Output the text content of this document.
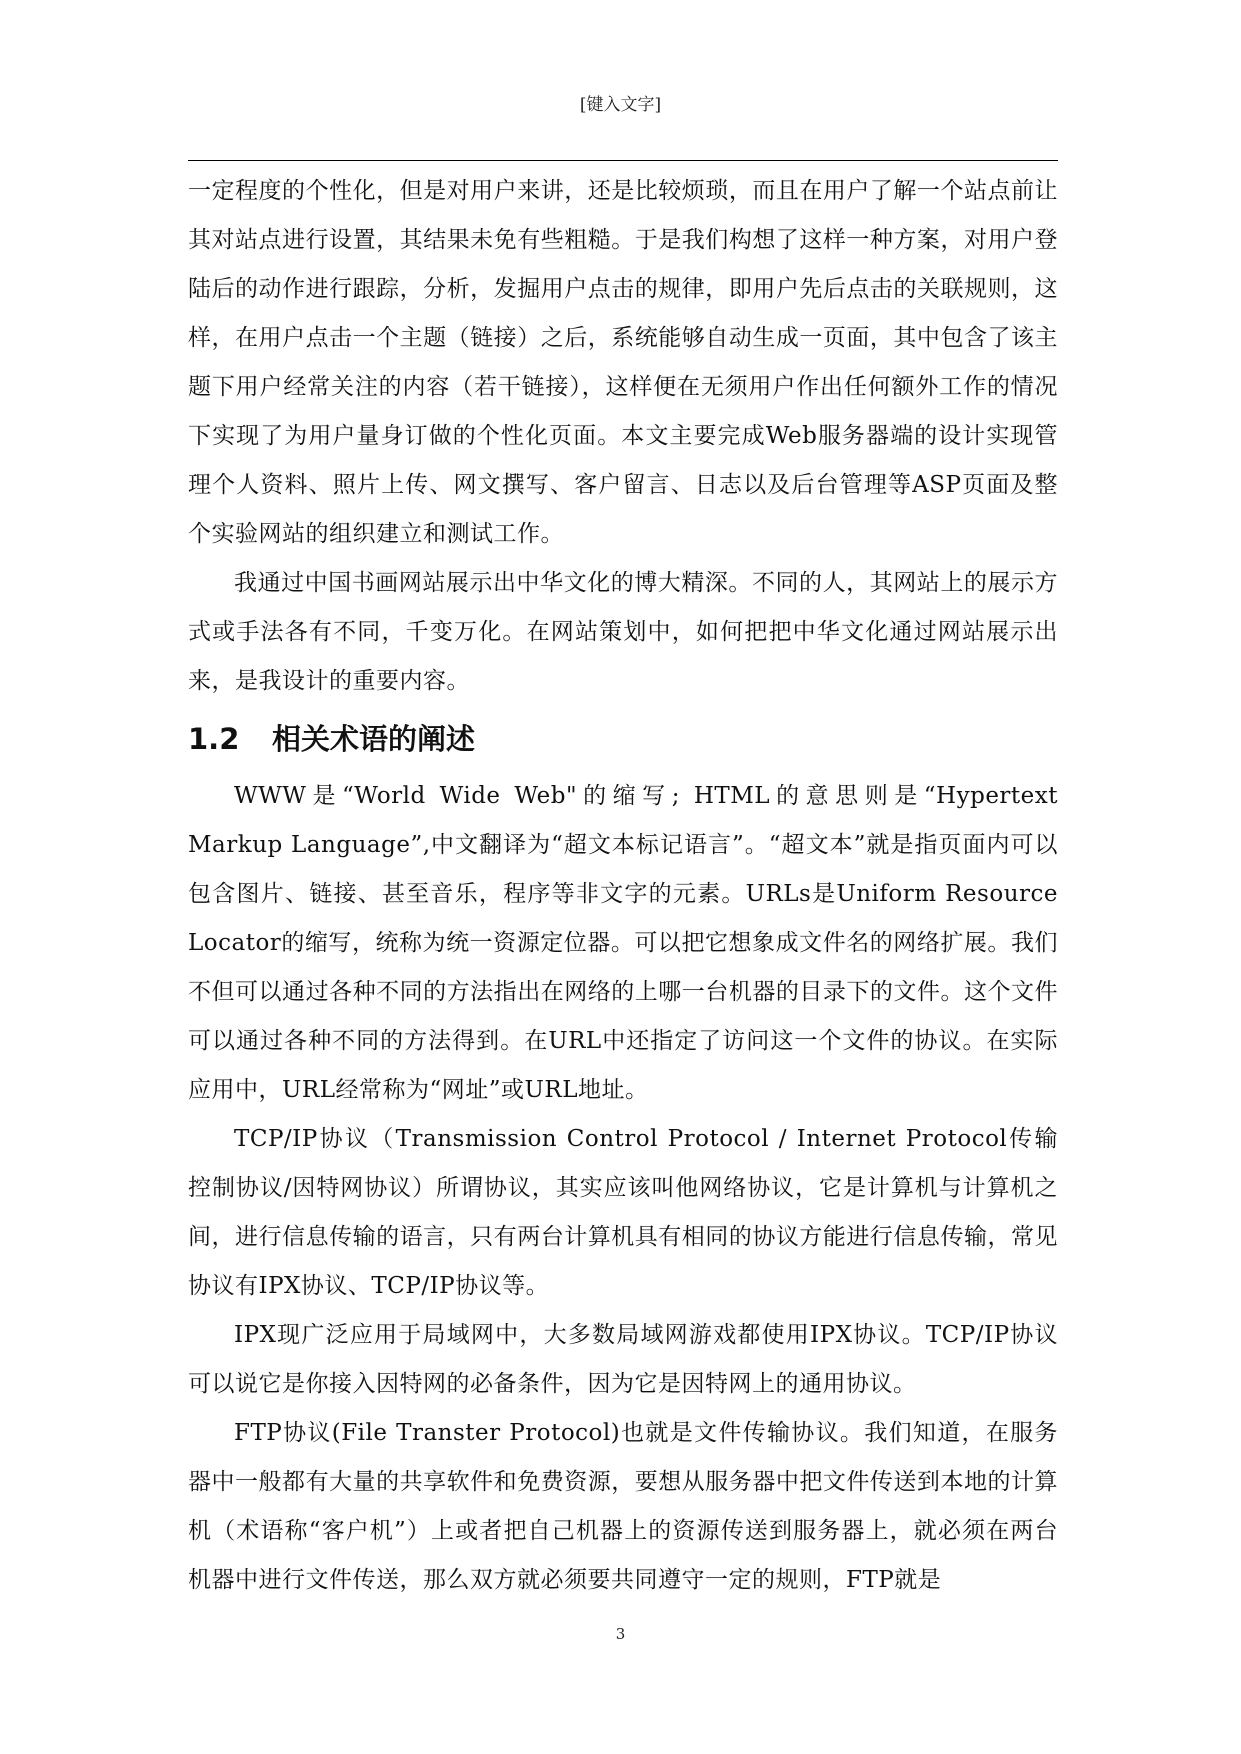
[键入文字]

一定程度的个性化，但是对用户来讲，还是比较烦琐，而且在用户了解一个站点前让其对站点进行设置，其结果未免有些粗糙。于是我们构想了这样一种方案，对用户登陆后的动作进行跟踪，分析，发掘用户点击的规律，即用户先后点击的关联规则，这样，在用户点击一个主题（链接）之后，系统能够自动生成一页面，其中包含了该主题下用户经常关注的内容（若干链接），这样便在无须用户作出任何额外工作的情况下实现了为用户量身订做的个性化页面。本文主要完成Web服务器端的设计实现管理个人资料、照片上传、网文撰写、客户留言、日志以及后台管理等ASP页面及整个实验网站的组织建立和测试工作。

我通过中国书画网站展示出中华文化的博大精深。不同的人，其网站上的展示方式或手法各有不同，千变万化。在网站策划中，如何把把中华文化通过网站展示出来，是我设计的重要内容。

1.2 相关术语的阐述

WWW是“World Wide Web"的缩写; HTML的意思则是“Hypertext Markup Language”,中文翻译为“超文本标记语言”。“超文本”就是指页面内可以包含图片、链接、甚至音乐，程序等非文字的元素。URLs是Uniform Resource Locator的缩写，统称为统一资源定位器。可以把它想象成文件名的网络扩展。我们不但可以通过各种不同的方法指出在网络的上哪一台机器的目录下的文件。这个文件可以通过各种不同的方法得到。在URL中还指定了访问这一个文件的协议。在实际应用中，URL经常称为“网址”或URL地址。

TCP/IP协议（Transmission Control Protocol / Internet Protocol传输控制协议/因特网协议）所谓协议，其实应该叫他网络协议，它是计算机与计算机之间，进行信息传输的语言，只有两台计算机具有相同的协议方能进行信息传输，常见协议有IPX协议、TCP/IP协议等。

IPX现广泛应用于局域网中，大多数局域网游戏都使用IPX协议。TCP/IP协议可以说它是你接入因特网的必备条件，因为它是因特网上的通用协议。

FTP协议(File Transter Protocol)也就是文件传输协议。我们知道，在服务器中一般都有大量的共享软件和免费资源，要想从服务器中把文件传送到本地的计算机（术语称“客户机”）上或者把自己机器上的资源传送到服务器上，就必须在两台机器中进行文件传送，那么双方就必须要共同遵守一定的规则，FTP就是

3
